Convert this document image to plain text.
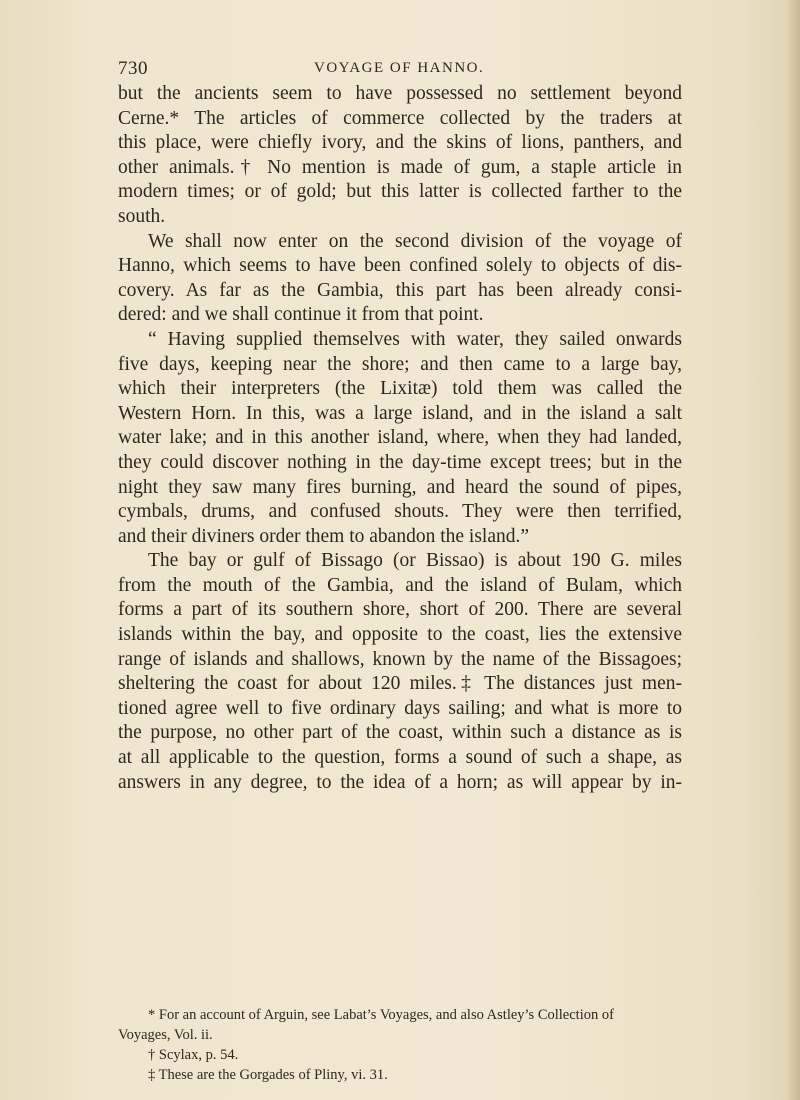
730	VOYAGE OF HANNO.

but the ancients seem to have possessed no settlement beyond
Cerne.* The articles of commerce collected by the traders at
this place, were chiefly ivory, and the skins of lions, panthers, and
other animals.† No mention is made of gum, a staple article in
modern times; or of gold; but this latter is collected farther to the
south.

We shall now enter on the second division of the voyage of
Hanno, which seems to have been confined solely to objects of dis-
covery. As far as the Gambia, this part has been already consi-
dered: and we shall continue it from that point.

“ Having supplied themselves with water, they sailed onwards
five days, keeping near the shore; and then came to a large bay,
which their interpreters (the Lixitæ) told them was called the
Western Horn. In this, was a large island, and in the island a salt
water lake; and in this another island, where, when they had landed,
they could discover nothing in the day-time except trees; but in the
night they saw many fires burning, and heard the sound of pipes,
cymbals, drums, and confused shouts. They were then terrified,
and their diviners order them to abandon the island.”

The bay or gulf of Bissago (or Bissao) is about 190 G. miles
from the mouth of the Gambia, and the island of Bulam, which
forms a part of its southern shore, short of 200. There are several
islands within the bay, and opposite to the coast, lies the extensive
range of islands and shallows, known by the name of the Bissagoes;
sheltering the coast for about 120 miles.‡ The distances just men-
tioned agree well to five ordinary days sailing; and what is more to
the purpose, no other part of the coast, within such a distance as is
at all applicable to the question, forms a sound of such a shape, as
answers in any degree, to the idea of a horn; as will appear by in-

* For an account of Arguin, see Labat’s Voyages, and also Astley’s Collection of
Voyages, Vol. ii.
† Scylax, p. 54.
‡ These are the Gorgades of Pliny, vi. 31.
